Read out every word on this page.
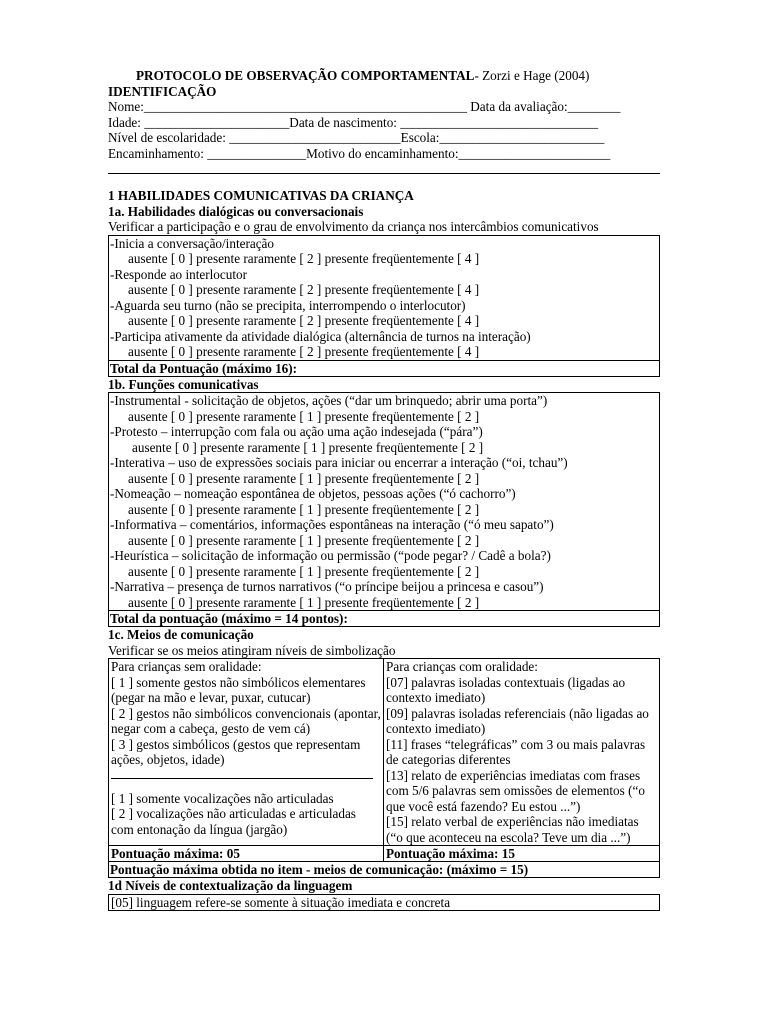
PROTOCOLO DE OBSERVAÇÃO COMPORTAMENTAL- Zorzi e Hage (2004)
IDENTIFICAÇÃO
Nome:_________________________________________________ Data da avaliação:________
Idade: ______________________Data de nascimento: ______________________________
Nível de escolaridade: __________________________Escola:_________________________
Encaminhamento: _______________Motivo do encaminhamento:_______________________
1 HABILIDADES COMUNICATIVAS DA CRIANÇA
1a. Habilidades dialógicas ou conversacionais
Verificar a participação e o grau de envolvimento da criança nos intercâmbios comunicativos
-Inicia a conversação/interação
ausente [ 0 ] presente raramente [ 2 ] presente freqüentemente [ 4 ]
-Responde ao interlocutor
ausente [ 0 ] presente raramente [ 2 ] presente freqüentemente [ 4 ]
-Aguarda seu turno (não se precipita, interrompendo o interlocutor)
ausente [ 0 ] presente raramente [ 2 ] presente freqüentemente [ 4 ]
-Participa ativamente da atividade dialógica (alternância de turnos na interação)
ausente [ 0 ] presente raramente [ 2 ] presente freqüentemente [ 4 ]
Total da Pontuação (máximo 16):
1b. Funções comunicativas
-Instrumental - solicitação de objetos, ações (“dar um brinquedo; abrir uma porta”)
ausente [ 0 ] presente raramente [ 1 ] presente freqüentemente [ 2 ]
-Protesto – interrupção com fala ou ação uma ação indesejada (“pára”)
ausente [ 0 ] presente raramente [ 1 ] presente freqüentemente [ 2 ]
-Interativa – uso de expressões sociais para iniciar ou encerrar a interação (“oi, tchau”)
ausente [ 0 ] presente raramente [ 1 ] presente freqüentemente [ 2 ]
-Nomeação – nomeação espontânea de objetos, pessoas ações (“ó cachorro”)
ausente [ 0 ] presente raramente [ 1 ] presente freqüentemente [ 2 ]
-Informativa – comentários, informações espontâneas na interação (“ó meu sapato”)
ausente [ 0 ] presente raramente [ 1 ] presente freqüentemente [ 2 ]
-Heurística – solicitação de informação ou permissão (“pode pegar? / Cadê a bola?)
ausente [ 0 ] presente raramente [ 1 ] presente freqüentemente [ 2 ]
-Narrativa – presença de turnos narrativos (“o príncipe beijou a princesa e casou”)
ausente [ 0 ] presente raramente [ 1 ] presente freqüentemente [ 2 ]
Total da pontuação (máximo = 14 pontos):
1c. Meios de comunicação
Verificar se os meios atingiram níveis de simbolização
Para crianças sem oralidade:
[ 1 ] somente gestos não simbólicos elementares (pegar na mão e levar, puxar, cutucar)
[ 2 ] gestos não simbólicos convencionais (apontar, negar com a cabeça, gesto de vem cá)
[ 3 ] gestos simbólicos (gestos que representam ações, objetos, idade)
[ 1 ] somente vocalizações não articuladas
[ 2 ] vocalizações não articuladas e articuladas com entonação da língua (jargão)
Para crianças com oralidade:
[07] palavras isoladas contextuais (ligadas ao contexto imediato)
[09] palavras isoladas referenciais (não ligadas ao contexto imediato)
[11] frases “telegráficas” com 3 ou mais palavras de categorias diferentes
[13] relato de experiências imediatas com frases com 5/6 palavras sem omissões de elementos (“o que você está fazendo? Eu estou ...”)
[15] relato verbal de experiências não imediatas (“o que aconteceu na escola? Teve um dia ...”)
Pontuação máxima: 05	Pontuação máxima: 15
Pontuação máxima obtida no item - meios de comunicação: (máximo = 15)
1d Níveis de contextualização da linguagem
[05] linguagem refere-se somente à situação imediata e concreta
